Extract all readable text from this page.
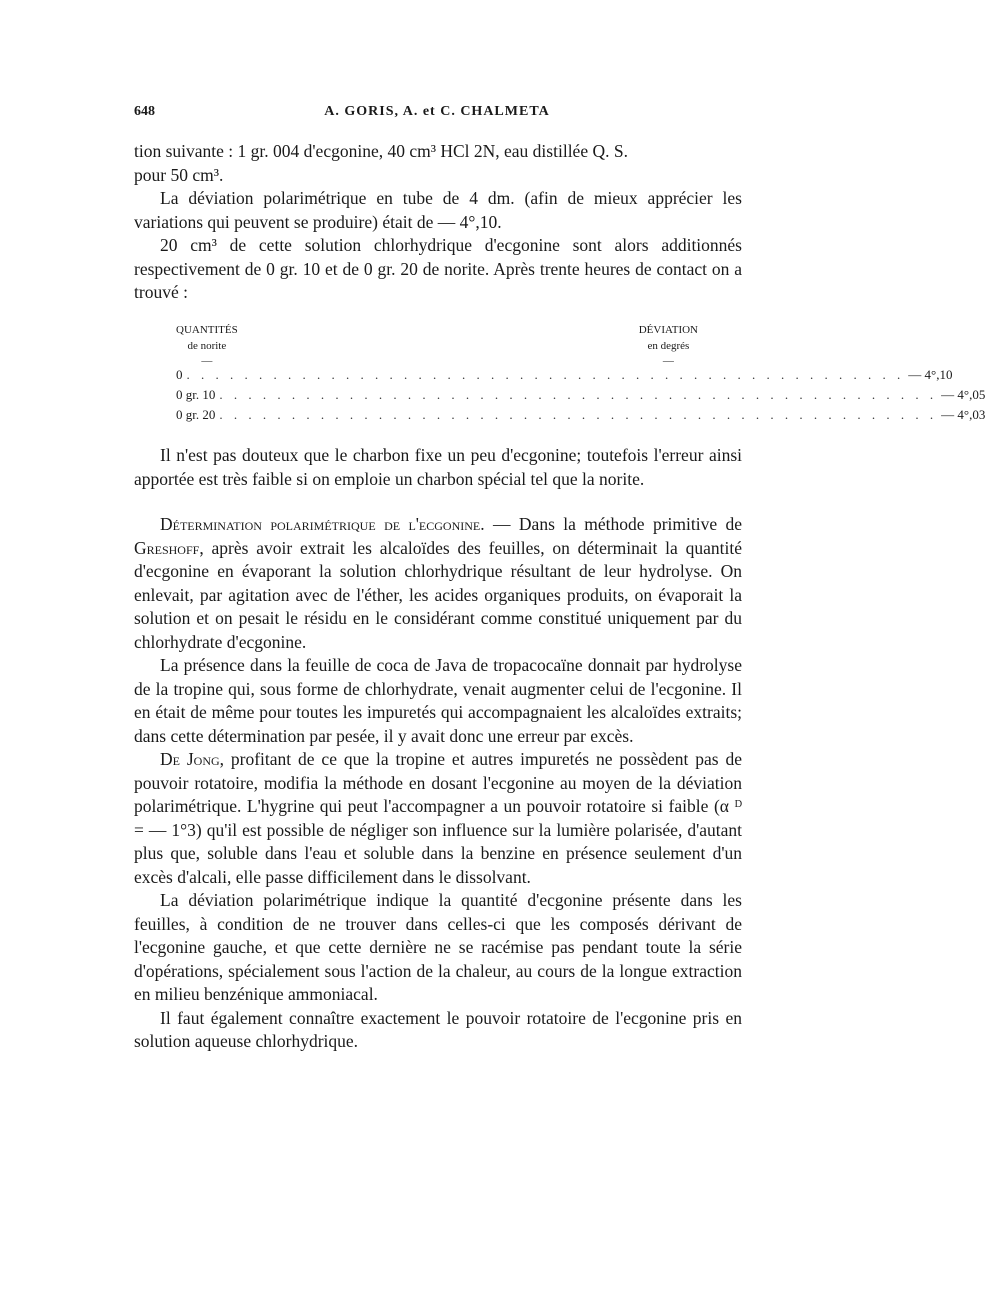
648	A. GORIS, A. et C. CHALMETA

tion suivante : 1 gr. 004 d'ecgonine, 40 cm³ HCl 2N, eau distillée Q. S.

pour 50 cm³.

La déviation polarimétrique en tube de 4 dm. (afin de mieux apprécier les variations qui peuvent se produire) était de — 4°,10.

20 cm³ de cette solution chlorhydrique d'ecgonine sont alors additionnés respectivement de 0 gr. 10 et de 0 gr. 20 de norite. Après trente heures de contact on a trouvé :

QUANTITÉS
de norite
—
DÉVIATION
en degrés
—
0 . . . . . . . . . . . . . . . . . . . . . . . . . . . . . . . . . . . . . . . . . . . . . . . . . . — 4°,10
0 gr. 10 . . . . . . . . . . . . . . . . . . . . . . . . . . . . . . . . . . . . . . . . . . . . . . . . . . — 4°,05
0 gr. 20 . . . . . . . . . . . . . . . . . . . . . . . . . . . . . . . . . . . . . . . . . . . . . . . . . . — 4°,03

Il n'est pas douteux que le charbon fixe un peu d'ecgonine; toutefois l'erreur ainsi apportée est très faible si on emploie un charbon spécial tel que la norite.

Détermination polarimétrique de l'ecgonine. — Dans la méthode primitive de Greshoff, après avoir extrait les alcaloïdes des feuilles, on déterminait la quantité d'ecgonine en évaporant la solution chlorhydrique résultant de leur hydrolyse. On enlevait, par agitation avec de l'éther, les acides organiques produits, on évaporait la solution et on pesait le résidu en le considérant comme constitué uniquement par du chlorhydrate d'ecgonine.

La présence dans la feuille de coca de Java de tropacocaïne donnait par hydrolyse de la tropine qui, sous forme de chlorhydrate, venait augmenter celui de l'ecgonine. Il en était de même pour toutes les impuretés qui accompagnaient les alcaloïdes extraits; dans cette détermination par pesée, il y avait donc une erreur par excès.

De Jong, profitant de ce que la tropine et autres impuretés ne possèdent pas de pouvoir rotatoire, modifia la méthode en dosant l'ecgonine au moyen de la déviation polarimétrique. L'hygrine qui peut l'accompagner a un pouvoir rotatoire si faible (α ᴰ = — 1°3) qu'il est possible de négliger son influence sur la lumière polarisée, d'autant plus que, soluble dans l'eau et soluble dans la benzine en présence seulement d'un excès d'alcali, elle passe difficilement dans le dissolvant.

La déviation polarimétrique indique la quantité d'ecgonine présente dans les feuilles, à condition de ne trouver dans celles-ci que les composés dérivant de l'ecgonine gauche, et que cette dernière ne se racémise pas pendant toute la série d'opérations, spécialement sous l'action de la chaleur, au cours de la longue extraction en milieu benzénique ammoniacal.

Il faut également connaître exactement le pouvoir rotatoire de l'ecgonine pris en solution aqueuse chlorhydrique.
